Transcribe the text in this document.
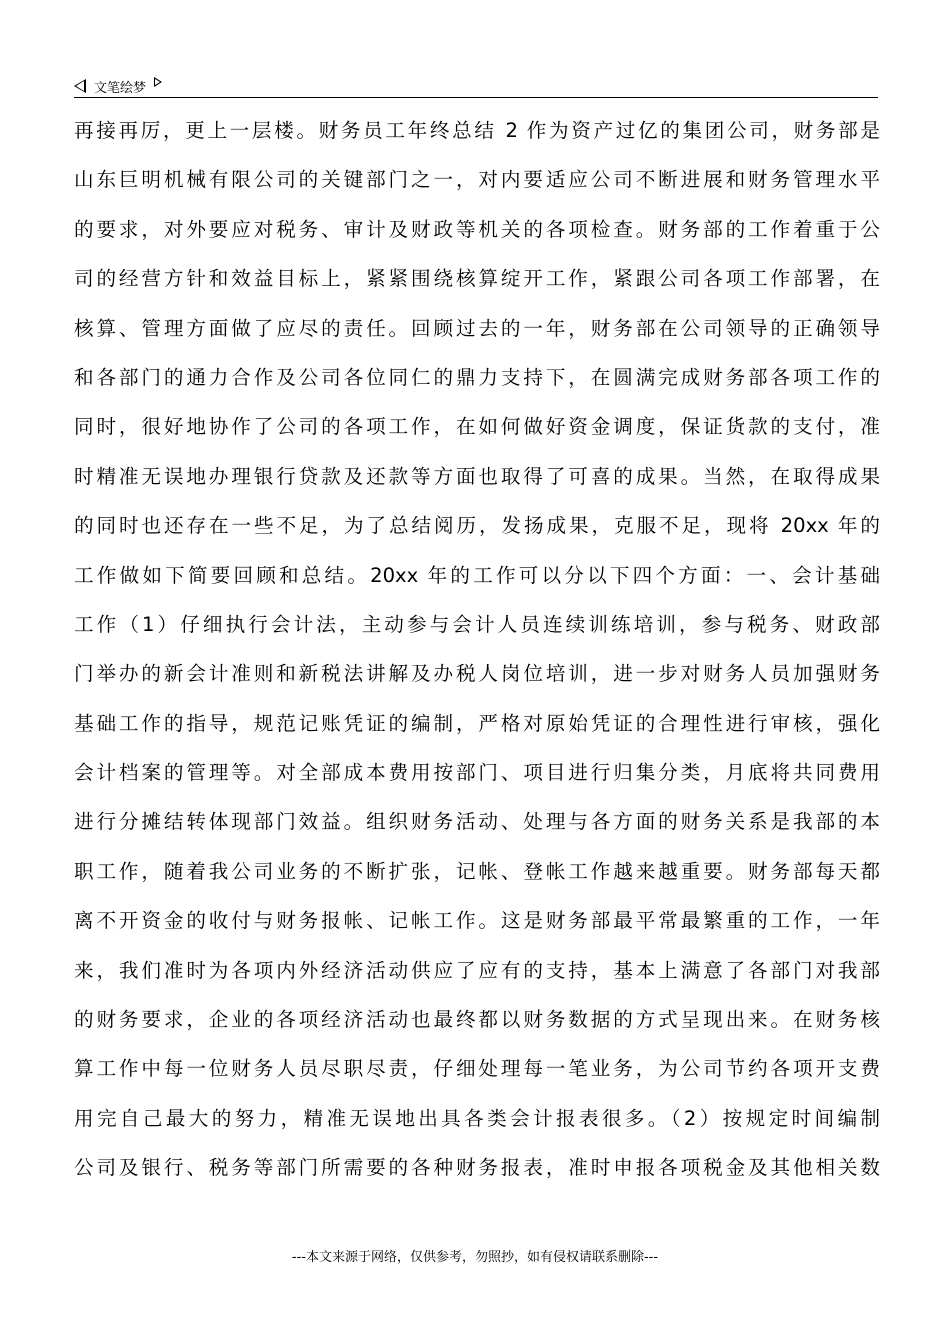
文笔绘梦
再接再厉，更上一层楼。财务员工年终总结 2 作为资产过亿的集团公司，财务部是
山东巨明机械有限公司的关键部门之一，对内要适应公司不断进展和财务管理水平
的要求，对外要应对税务、审计及财政等机关的各项检查。财务部的工作着重于公
司的经营方针和效益目标上，紧紧围绕核算绽开工作，紧跟公司各项工作部署，在
核算、管理方面做了应尽的责任。回顾过去的一年，财务部在公司领导的正确领导
和各部门的通力合作及公司各位同仁的鼎力支持下，在圆满完成财务部各项工作的
同时，很好地协作了公司的各项工作，在如何做好资金调度，保证货款的支付，准
时精准无误地办理银行贷款及还款等方面也取得了可喜的成果。当然，在取得成果
的同时也还存在一些不足，为了总结阅历，发扬成果，克服不足，现将 20xx 年的
工作做如下简要回顾和总结。20xx 年的工作可以分以下四个方面：一、会计基础
工作（1）仔细执行会计法，主动参与会计人员连续训练培训，参与税务、财政部
门举办的新会计准则和新税法讲解及办税人岗位培训，进一步对财务人员加强财务
基础工作的指导，规范记账凭证的编制，严格对原始凭证的合理性进行审核，强化
会计档案的管理等。对全部成本费用按部门、项目进行归集分类，月底将共同费用
进行分摊结转体现部门效益。组织财务活动、处理与各方面的财务关系是我部的本
职工作，随着我公司业务的不断扩张，记帐、登帐工作越来越重要。财务部每天都
离不开资金的收付与财务报帐、记帐工作。这是财务部最平常最繁重的工作，一年
来，我们准时为各项内外经济活动供应了应有的支持，基本上满意了各部门对我部
的财务要求，企业的各项经济活动也最终都以财务数据的方式呈现出来。在财务核
算工作中每一位财务人员尽职尽责，仔细处理每一笔业务，为公司节约各项开支费
用完自己最大的努力，精准无误地出具各类会计报表很多。（2）按规定时间编制
公司及银行、税务等部门所需要的各种财务报表，准时申报各项税金及其他相关数
---本文来源于网络，仅供参考，勿照抄，如有侵权请联系删除---
